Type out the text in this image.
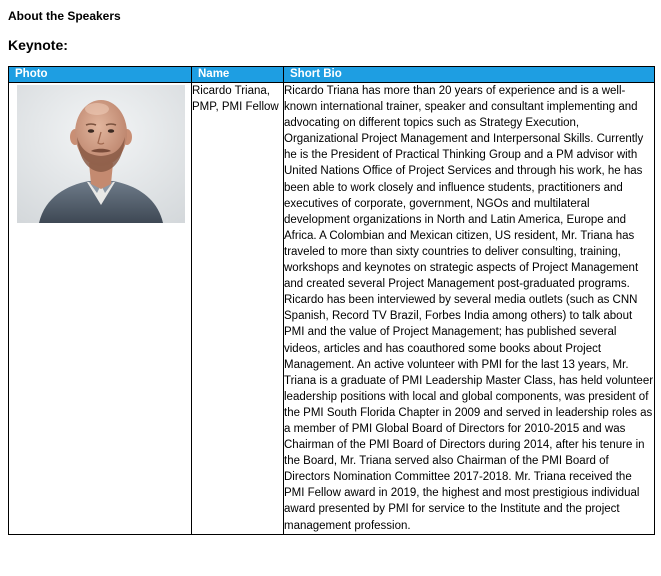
About the Speakers
Keynote:
Photo	Name	Short Bio

	Ricardo Triana, PMP, PMI Fellow	Ricardo Triana has more than 20 years of experience and is a well-known international trainer, speaker and consultant implementing and advocating on different topics such as Strategy Execution, Organizational Project Management and Interpersonal Skills. Currently he is the President of Practical Thinking Group and a PM advisor with United Nations Office of Project Services and through his work, he has been able to work closely and influence students, practitioners and executives of corporate, government, NGOs and multilateral development organizations in North and Latin America, Europe and Africa. A Colombian and Mexican citizen, US resident, Mr. Triana has traveled to more than sixty countries to deliver consulting, training, workshops and keynotes on strategic aspects of Project Management and created several Project Management post-graduated programs. Ricardo has been interviewed by several media outlets (such as CNN Spanish, Record TV Brazil, Forbes India among others) to talk about PMI and the value of Project Management; has published several videos, articles and has coauthored some books about Project Management. An active volunteer with PMI for the last 13 years, Mr. Triana is a graduate of PMI Leadership Master Class, has held volunteer leadership positions with local and global components, was president of the PMI South Florida Chapter in 2009 and served in leadership roles as a member of PMI Global Board of Directors for 2010-2015 and was Chairman of the PMI Board of Directors during 2014, after his tenure in the Board, Mr. Triana served also Chairman of the PMI Board of Directors Nomination Committee 2017-2018. Mr. Triana received the PMI Fellow award in 2019, the highest and most prestigious individual award presented by PMI for service to the Institute and the project management profession.
